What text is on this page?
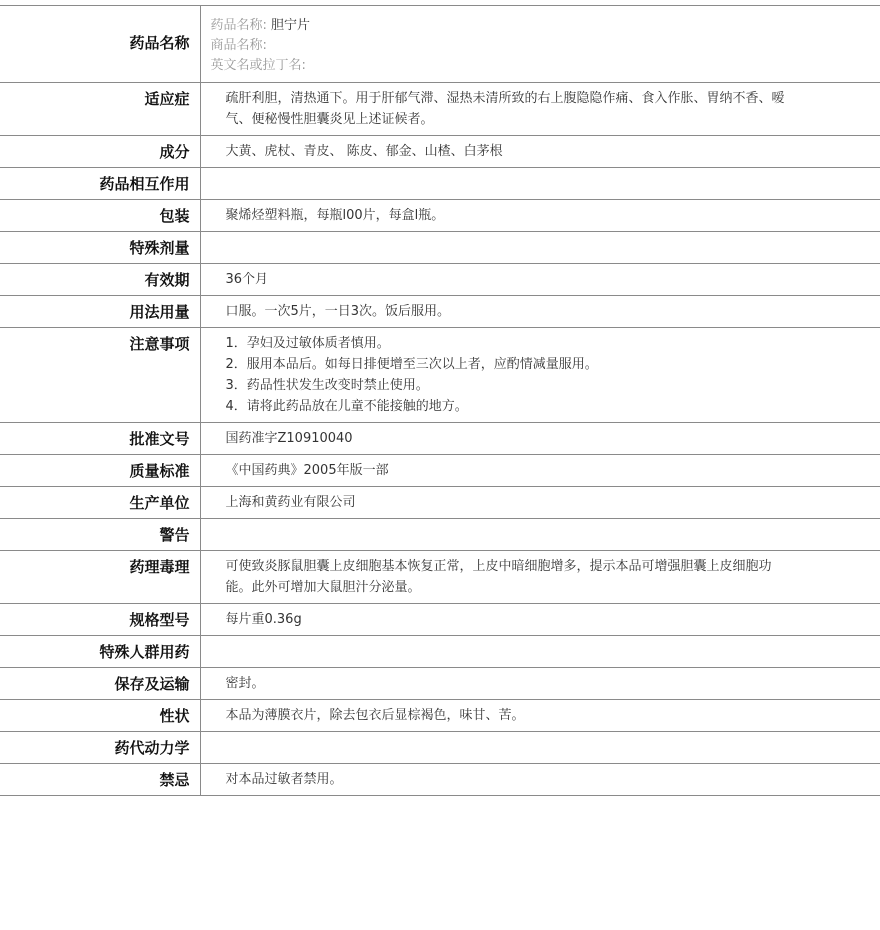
药品名称	药品名称: 胆宁片
商品名称:
英文名或拉丁名:

适应症	疏肝利胆，清热通下。用于肝郁气滞、湿热未清所致的右上腹隐隐作痛、食入作胀、胃纳不香、嗳气、便秘慢性胆囊炎见上述证候者。
成分	大黄、虎杖、青皮、 陈皮、郁金、山楂、白茅根
药品相互作用	
包装	聚烯烃塑料瓶，每瓶l00片，每盒l瓶。
特殊剂量	
有效期	36个月
用法用量	口服。一次5片，一日3次。饭后服用。
注意事项	1．孕妇及过敏体质者慎用。
2．服用本品后。如每日排便增至三次以上者，应酌情减量服用。
3．药品性状发生改变时禁止使用。
4．请将此药品放在儿童不能接触的地方。

批准文号	国药准字Z10910040
质量标准	《中国药典》2005年版一部
生产单位	上海和黄药业有限公司
警告	
药理毒理	可使致炎豚鼠胆囊上皮细胞基本恢复正常，上皮中暗细胞增多，提示本品可增强胆囊上皮细胞功能。此外可增加大鼠胆汁分泌量。
规格型号	每片重0.36g
特殊人群用药	
保存及运输	密封。
性状	本品为薄膜衣片，除去包衣后显棕褐色，味甘、苦。
药代动力学	
禁忌	对本品过敏者禁用。
